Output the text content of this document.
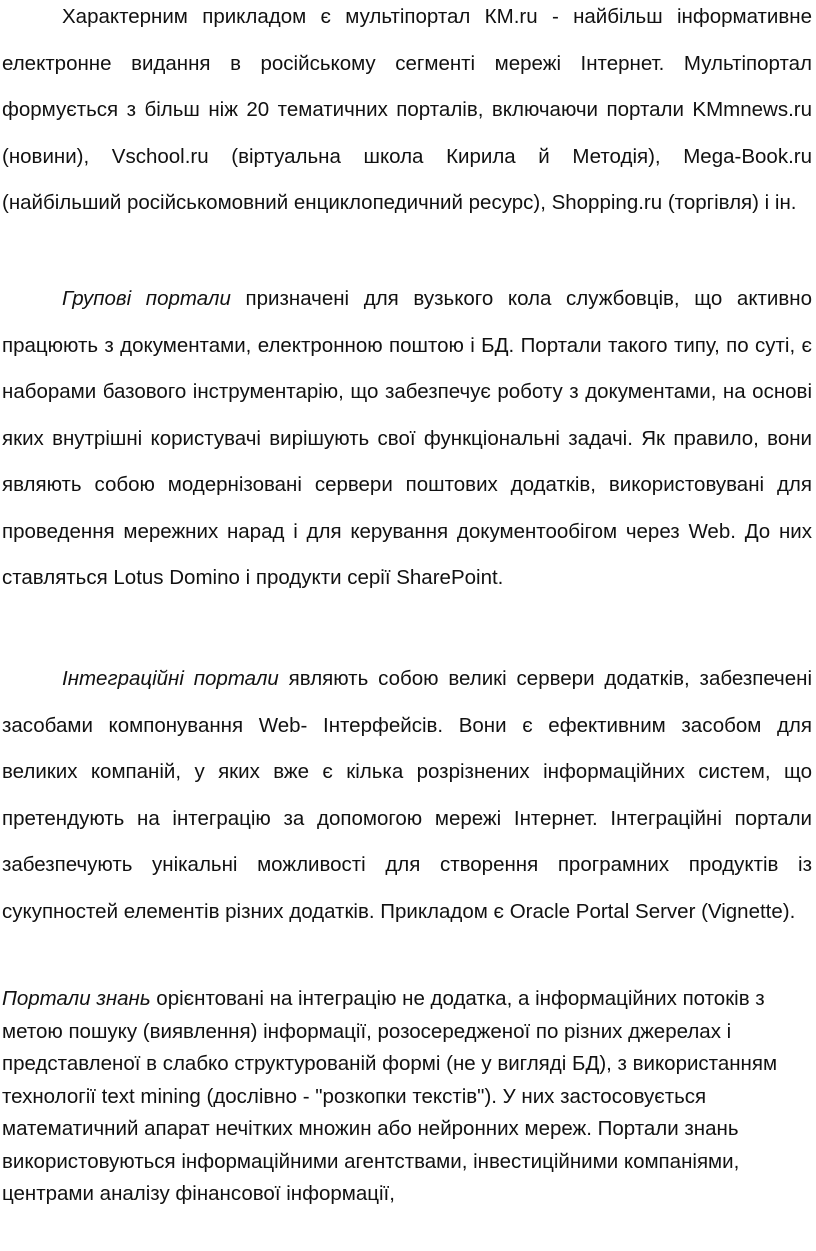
Характерним прикладом є мультіпортал КМ.ru - найбільш інформативне електронне видання в російському сегменті мережі Інтернет. Мультіпортал формується з більш ніж 20 тематичних порталів, включаючи портали KMmnews.ru (новини), Vschool.ru (віртуальна школа Кирила й Методія), Mega-Book.ru (найбільший російськомовний енциклопедичний ресурс), Shopping.ru (торгівля) і ін.

Групові портали призначені для вузького кола службовців, що активно працюють з документами, електронною поштою і БД. Портали такого типу, по суті, є наборами базового інструментарію, що забезпечує роботу з документами, на основі яких внутрішні користувачі вирішують свої функціональні задачі. Як правило, вони являють собою модернізовані сервери поштових додатків, використовувані для проведення мережних нарад і для керування документообігом через Web. До них ставляться Lotus Domino і продукти серії SharePoint.

Інтеграційні портали являють собою великі сервери додатків, забезпечені засобами компонування Web- Інтерфейсів. Вони є ефективним засобом для великих компаній, у яких вже є кілька розрізнених інформаційних систем, що претендують на інтеграцію за допомогою мережі Інтернет. Інтеграційні портали забезпечують унікальні можливості для створення програмних продуктів із сукупностей елементів різних додатків. Прикладом є Oracle Portal Server (Vignette).

Портали знань орієнтовані на інтеграцію не додатка, а інформаційних потоків з метою пошуку (виявлення) інформації, розосередженої по різних джерелах і представленої в слабко структурованій формі (не у вигляді БД), з використанням технології text mining (дослівно - "розкопки текстів"). У них застосовується математичний апарат нечітких множин або нейронних мереж. Портали знань використовуються інформаційними агентствами, інвестиційними компаніями, центрами аналізу фінансової інформації,
